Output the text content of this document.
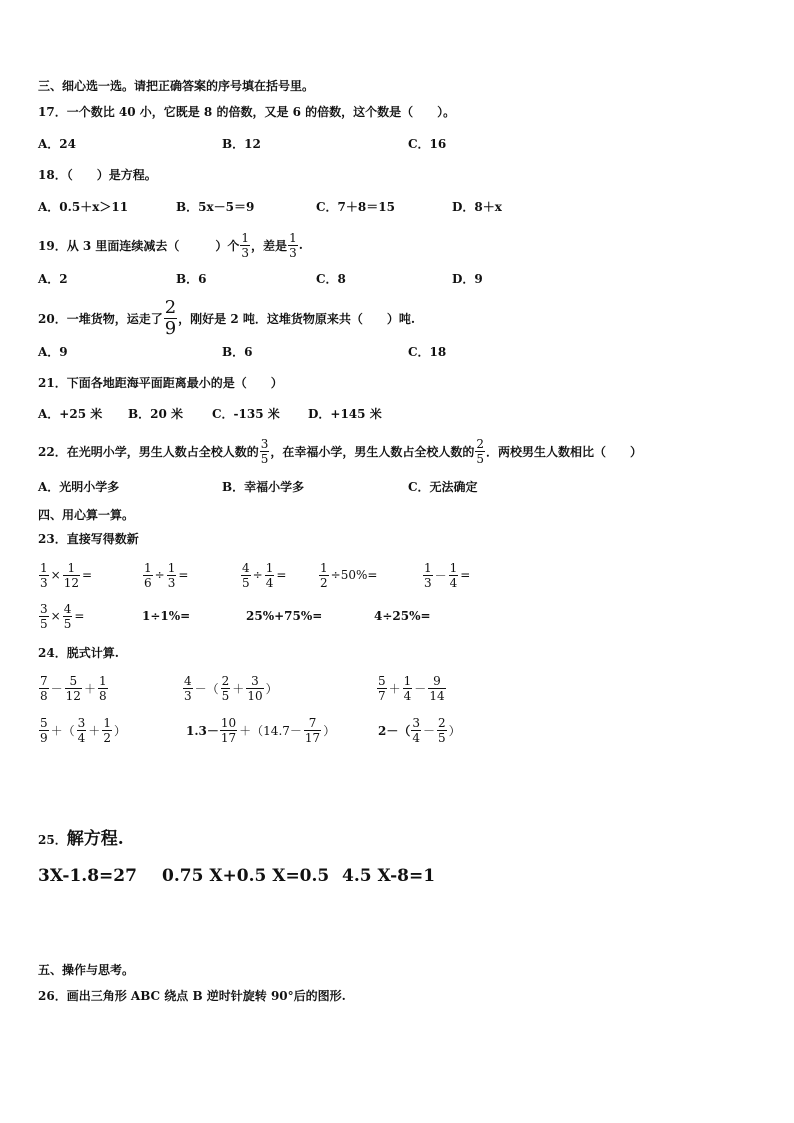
三、细心选一选。请把正确答案的序号填在括号里。
17．一个数比 40 小，它既是 8 的倍数，又是 6 的倍数，这个数是（　　）。
A．24	B．12	C．16
18．（　　）是方程。
A．0.5＋x＞11	B．5x－5＝9	C．7＋8＝15	D．8＋x
19．从 3 里面连续减去（　　　）个 $\frac{1}{3}$ ，差是 $\frac{1}{3}$ .
A．2	B．6	C．8	D．9
20．一堆货物，运走了 $\frac{2}{9}$ ，刚好是 2 吨．这堆货物原来共（　　）吨.
A．9	B．6	C．18
21．下面各地距海平面距离最小的是（　　）
A．+25 米 B．20 米 C．-135 米 D．+145 米
22．在光明小学，男生人数占全校人数的 $\frac{3}{5}$ ，在幸福小学，男生人数占全校人数的 $\frac{2}{5}$ ．两校男生人数相比（　　）
A．光明小学多	B．幸福小学多	C．无法确定
四、用心算一算。
23．直接写得数新
$\frac{1}{3} \times \frac{1}{12}$ =	$\frac{1}{6} \div \frac{1}{3}$ =	$\frac{4}{5} \div \frac{1}{4}$ =	$\frac{1}{2} \div 50\%=$	$\frac{1}{3} - \frac{1}{4}$ =
$\frac{3}{5} \times \frac{4}{5}$ =	1÷1%=	25%+75%=	4÷25%=
24．脱式计算.
$\frac{7}{8} - \frac{5}{12} + \frac{1}{8}$	$\frac{4}{3}$ －（ $\frac{2}{5} + \frac{3}{10}$ ）	$\frac{5}{7} + \frac{1}{4} - \frac{9}{14}$
$\frac{5}{9}$ ＋（ $\frac{3}{4} + \frac{1}{2}$ ）	$1.3- \frac{10}{17} +(14.7- \frac{7}{17}$ ）	$2-( \frac{3}{4} - \frac{2}{5}$ ）
25．解方程.
3X-1.8=27 0.75 X+0.5 X=0.5 4.5 X-8=1
五、操作与思考。
26．画出三角形 ABC 绕点 B 逆时针旋转 90°后的图形.
